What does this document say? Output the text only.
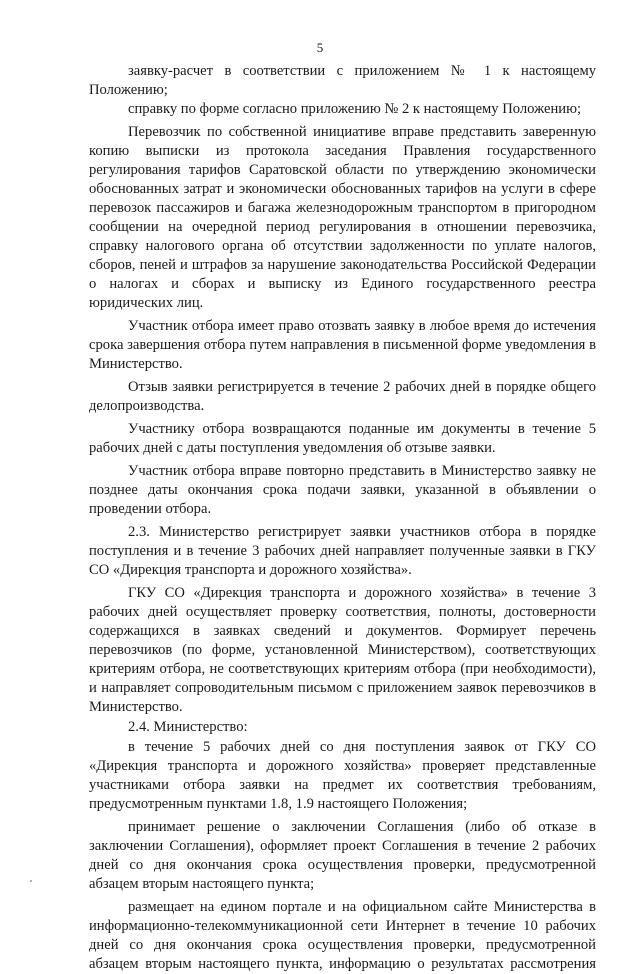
5

заявку-расчет в соответствии с приложением № 1 к настоящему Положению;

справку по форме согласно приложению № 2 к настоящему Положению;

Перевозчик по собственной инициативе вправе представить заверенную копию выписки из протокола заседания Правления государственного регулирования тарифов Саратовской области по утверждению экономически обоснованных затрат и экономически обоснованных тарифов на услуги в сфере перевозок пассажиров и багажа железнодорожным транспортом в пригородном сообщении на очередной период регулирования в отношении перевозчика, справку налогового органа об отсутствии задолженности по уплате налогов, сборов, пеней и штрафов за нарушение законодательства Российской Федерации о налогах и сборах и выписку из Единого государственного реестра юридических лиц.

Участник отбора имеет право отозвать заявку в любое время до истечения срока завершения отбора путем направления в письменной форме уведомления в Министерство.

Отзыв заявки регистрируется в течение 2 рабочих дней в порядке общего делопроизводства.

Участнику отбора возвращаются поданные им документы в течение 5 рабочих дней с даты поступления уведомления об отзыве заявки.

Участник отбора вправе повторно представить в Министерство заявку не позднее даты окончания срока подачи заявки, указанной в объявлении о проведении отбора.

2.3. Министерство регистрирует заявки участников отбора в порядке поступления и в течение 3 рабочих дней направляет полученные заявки в ГКУ СО «Дирекция транспорта и дорожного хозяйства».

ГКУ СО «Дирекция транспорта и дорожного хозяйства» в течение 3 рабочих дней осуществляет проверку соответствия, полноты, достоверности содержащихся в заявках сведений и документов. Формирует перечень перевозчиков (по форме, установленной Министерством), соответствующих критериям отбора, не соответствующих критериям отбора (при необходимости), и направляет сопроводительным письмом с приложением заявок перевозчиков в Министерство.

2.4. Министерство:

в течение 5 рабочих дней со дня поступления заявок от ГКУ СО «Дирекция транспорта и дорожного хозяйства» проверяет представленные участниками отбора заявки на предмет их соответствия требованиям, предусмотренным пунктами 1.8, 1.9 настоящего Положения;

принимает решение о заключении Соглашения (либо об отказе в заключении Соглашения), оформляет проект Соглашения в течение 2 рабочих дней со дня окончания срока осуществления проверки, предусмотренной абзацем вторым настоящего пункта;

размещает на едином портале и на официальном сайте Министерства в информационно-телекоммуникационной сети Интернет в течение 10 рабочих дней со дня окончания срока осуществления проверки, предусмотренной абзацем вторым настоящего пункта, информацию о результатах рассмотрения
